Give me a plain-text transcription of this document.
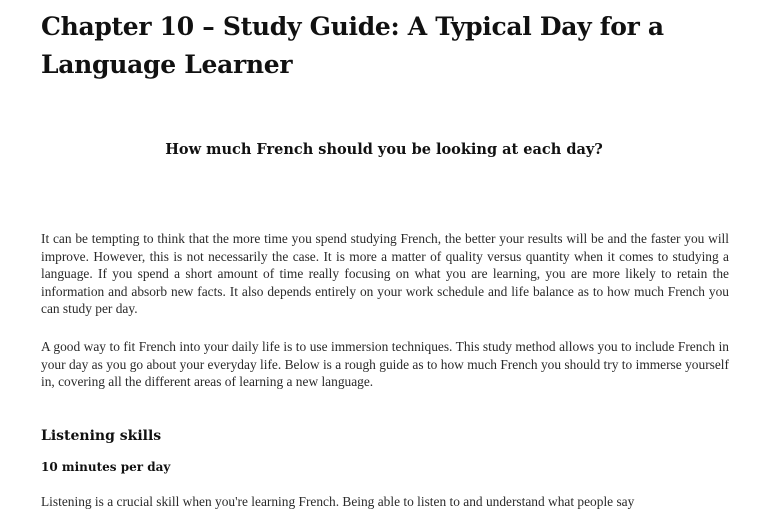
Chapter 10 – Study Guide: A Typical Day for a Language Learner
How much French should you be looking at each day?

It can be tempting to think that the more time you spend studying French, the better your results will be and the faster you will improve. However, this is not necessarily the case. It is more a matter of quality versus quantity when it comes to studying a language. If you spend a short amount of time really focusing on what you are learning, you are more likely to retain the information and absorb new facts. It also depends entirely on your work schedule and life balance as to how much French you can study per day.

A good way to fit French into your daily life is to use immersion techniques. This study method allows you to include French in your day as you go about your everyday life. Below is a rough guide as to how much French you should try to immerse yourself in, covering all the different areas of learning a new language.

Listening skills
10 minutes per day

Listening is a crucial skill when you're learning French. Being able to listen to and understand what people say
